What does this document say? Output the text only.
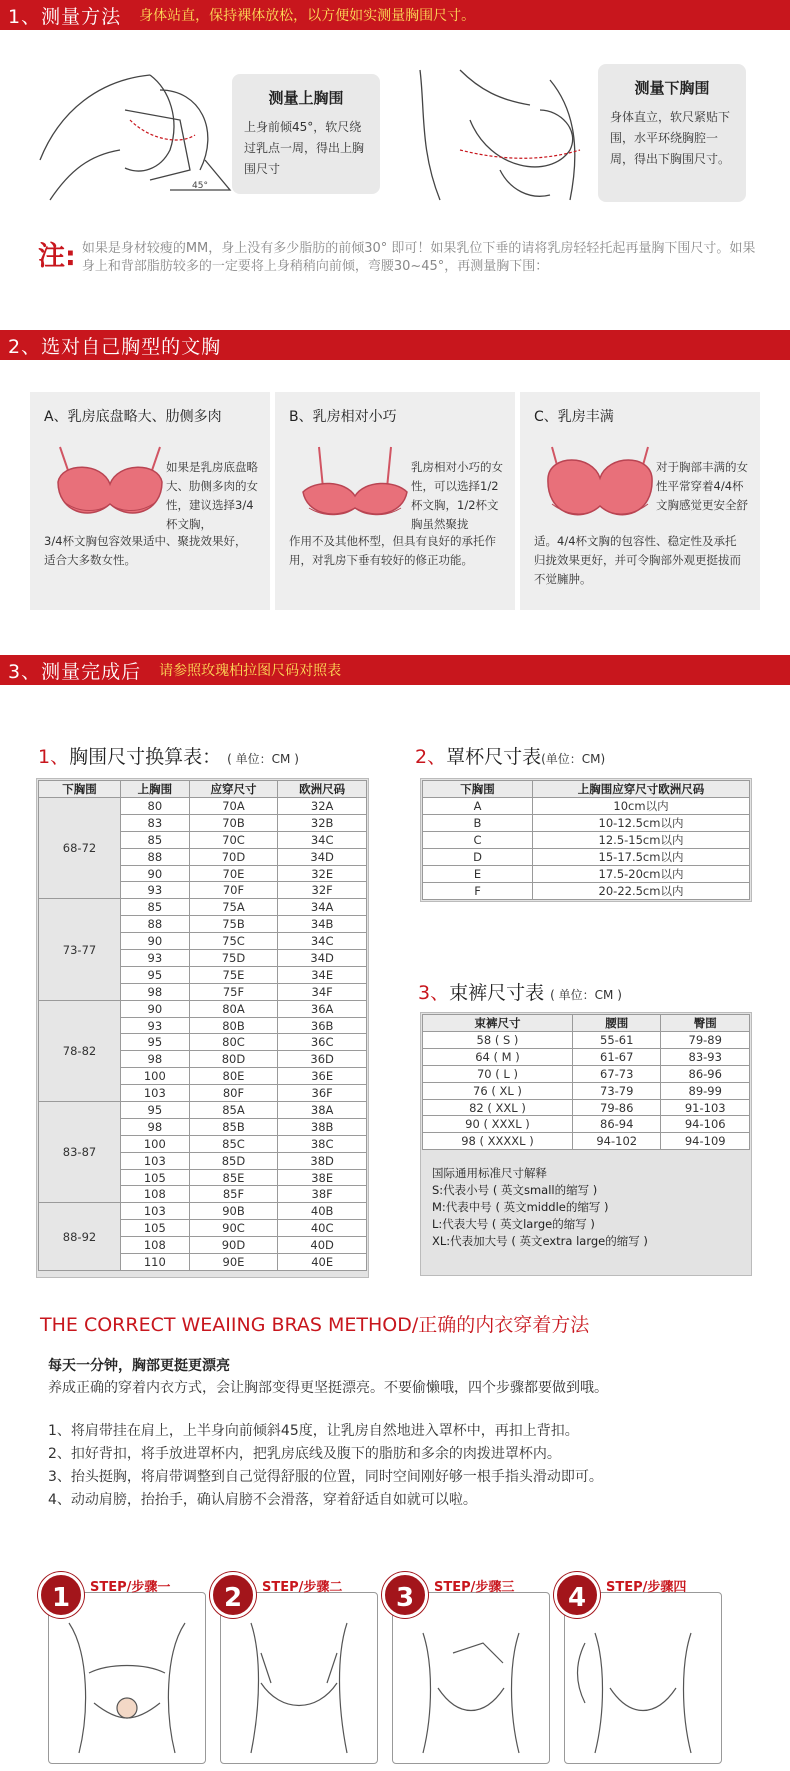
1、测量方法 身体站直，保持裸体放松，以方便如实测量胸围尺寸。
45°
测量上胸围
上身前倾45°，软尺绕过乳点一周，得出上胸围尺寸
测量下胸围
身体直立，软尺紧贴下围，水平环绕胸腔一周，得出下胸围尺寸。
注: 如果是身材较瘦的MM，身上没有多少脂肪的前倾30° 即可！如果乳位下垂的请将乳房轻轻托起再量胸下围尺寸。如果身上和背部脂肪较多的一定要将上身稍稍向前倾，弯腰30~45°，再测量胸下围：
2、选对自己胸型的文胸
A、乳房底盘略大、肋侧多肉
如果是乳房底盘略大、肋侧多肉的女性，建议选择3/4杯文胸，
3/4杯文胸包容效果适中、聚拢效果好，适合大多数女性。
B、乳房相对小巧
乳房相对小巧的女性，可以选择1/2杯文胸，1/2杯文胸虽然聚拢
作用不及其他杯型，但具有良好的承托作用，对乳房下垂有较好的修正功能。
C、乳房丰满
对于胸部丰满的女性平常穿着4/4杯文胸感觉更安全舒
适。4/4杯文胸的包容性、稳定性及承托归拢效果更好，并可令胸部外观更挺拔而不觉臃肿。
3、测量完成后 请参照玫瑰柏拉图尺码对照表
1、胸围尺寸换算表： ( 单位：CM )
下胸围	上胸围	应穿尺寸	欧洲尺码
68-72	80	70A	32A
	83	70B	32B
	85	70C	34C
	88	70D	34D
	90	70E	32E
	93	70F	32F
73-77	85	75A	34A
	88	75B	34B
	90	75C	34C
	93	75D	34D
	95	75E	34E
	98	75F	34F
78-82	90	80A	36A
	93	80B	36B
	95	80C	36C
	98	80D	36D
	100	80E	36E
	103	80F	36F
83-87	95	85A	38A
	98	85B	38B
	100	85C	38C
	103	85D	38D
	105	85E	38E
	108	85F	38F
88-92	103	90B	40B
	105	90C	40C
	108	90D	40D
	110	90E	40E
2、罩杯尺寸表(单位：CM)
下胸围	上胸围应穿尺寸欧洲尺码
A	10cm以内
B	10-12.5cm以内
C	12.5-15cm以内
D	15-17.5cm以内
E	17.5-20cm以内
F	20-22.5cm以内
3、束裤尺寸表 ( 单位：CM )
束裤尺寸	腰围	臀围
58 ( S )	55-61	79-89
64 ( M )	61-67	83-93
70 ( L )	67-73	86-96
76 ( XL )	73-79	89-99
82 ( XXL )	79-86	91-103
90 ( XXXL )	86-94	94-106
98 ( XXXXL )	94-102	94-109
国际通用标准尺寸解释
S:代表小号 ( 英文small的缩写 )
M:代表中号 ( 英文middle的缩写 )
L:代表大号 ( 英文large的缩写 )
XL:代表加大号 ( 英文extra large的缩写 )
THE CORRECT WEAIING BRAS METHOD/正确的内衣穿着方法
每天一分钟，胸部更挺更漂亮
养成正确的穿着内衣方式，会让胸部变得更坚挺漂亮。不要偷懒哦，四个步骤都要做到哦。
1、将肩带挂在肩上，上半身向前倾斜45度，让乳房自然地进入罩杯中，再扣上背扣。
2、扣好背扣，将手放进罩杯内，把乳房底线及腹下的脂肪和多余的肉拨进罩杯内。
3、抬头挺胸，将肩带调整到自己觉得舒服的位置，同时空间刚好够一根手指头滑动即可。
4、动动肩膀，抬抬手，确认肩膀不会滑落，穿着舒适自如就可以啦。
1	STEP/步骤一	2	STEP/步骤二	3	STEP/步骤三	4	STEP/步骤四
